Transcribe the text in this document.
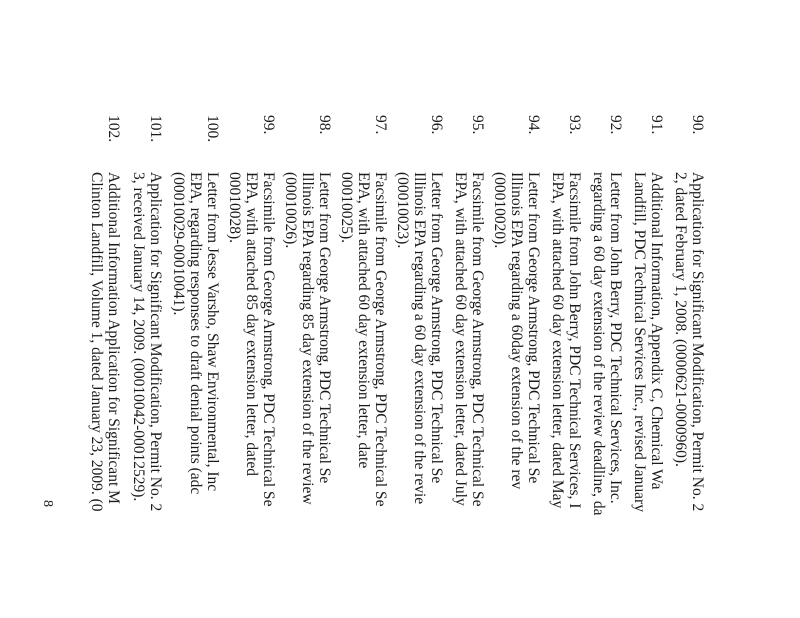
90.
Application for Significant Modification, Permit No. 2
2, dated February 1, 2008. (0000621-0000960).
91.
Additional Information, Appendix C, Chemical Wa
Landfill, PDC Technical Services Inc., revised January
92.
Letter from John Berry, PDC Technical Services, Inc.
regarding a 60 day extension of the review deadline, da
93.
Facsimile from John Berry, PDC Technical Services, I
EPA, with attached 60 day extension letter, dated May
94.
Letter from George Armstrong, PDC Technical Se
Illinois EPA regarding a 60day extension of the rev
(00010020).
95.
Facsimile from George Armstrong, PDC Technical Se
EPA, with attached 60 day extension letter, dated July
96.
Letter from George Armstrong, PDC Technical Se
Illinois EPA regarding a 60 day extension of the revie
(00010023).
97.
Facsimile from George Armstrong, PDC Technical Se
EPA, with attached 60 day extension letter, date
00010025).
98.
Letter from George Armstrong, PDC Technical Se
Illinois EPA regarding 85 day extension of the review
(00010026).
99.
Facsimile from George Armstrong, PDC Technical Se
EPA, with attached 85 day extension letter, dated
00010028).
100.
Letter from Jesse Varsho, Shaw Environmental, Inc
EPA, regarding responses to draft denial points (adc
(00010029-00010041).
101.
Application for Significant Modification, Permit No. 2
3, received January 14, 2009. (00010042-00012529).
102.
Additional Information Application for Significant M
Clinton Landfill, Volume 1, dated January 23, 2009. (0
8
